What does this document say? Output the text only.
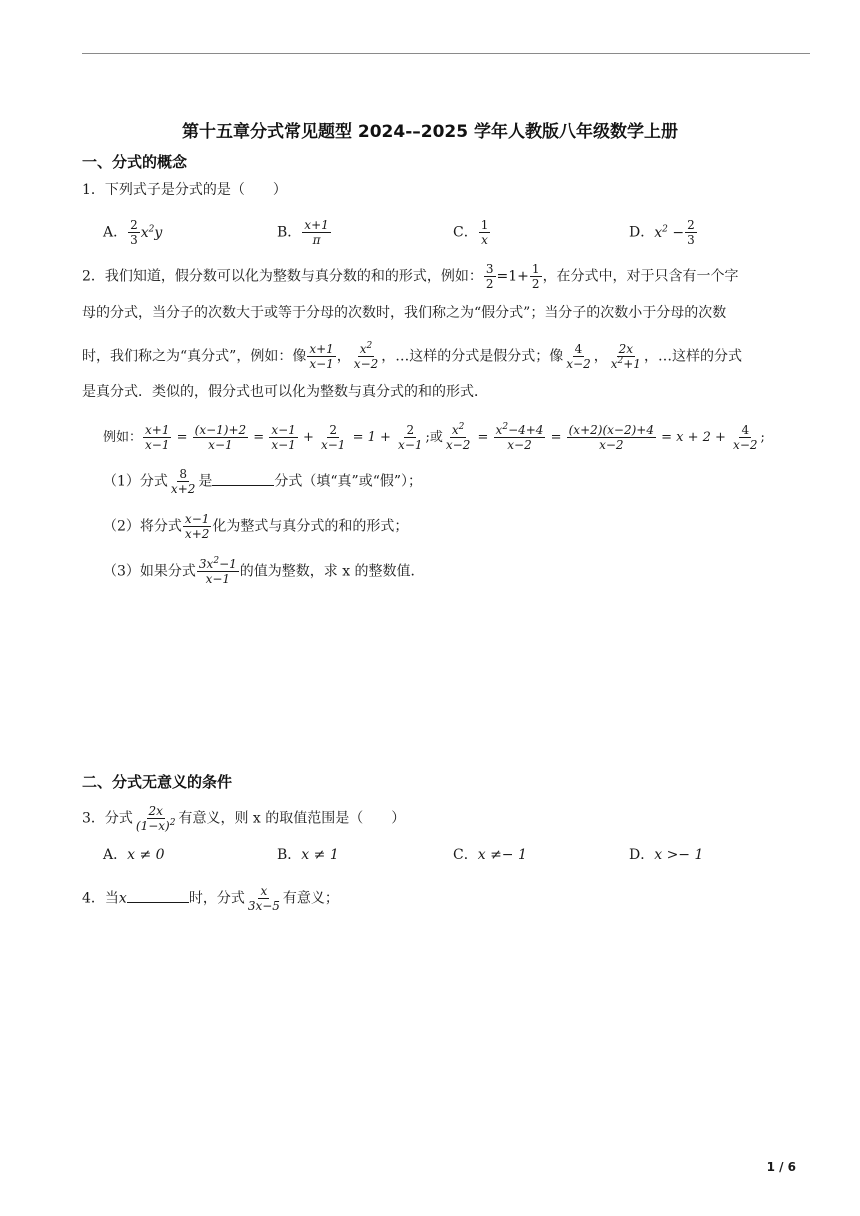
第十五章分式常见题型 2024-–2025 学年人教版八年级数学上册
一、分式的概念
1．下列式子是分式的是（　　）
A． $\frac{2}{3} x^2y$	B． $\frac{x+1}{\pi}$	C． $\frac{1}{x}$	D．$x^2 - \frac{2}{3}$
2．我们知道，假分数可以化为整数与真分数的和的形式，例如： $\frac{3}{2} =1+ \frac{1}{2}$ ，在分式中，对于只含有一个字
母的分式，当分子的次数大于或等于分母的次数时，我们称之为“假分式”；当分子的次数小于分母的次数
时，我们称之为“真分式”，例如：像 $\frac{x+1}{x-1}$ ， $\frac{x^2}{x-2}$ ，…这样的分式是假分式；像 $\frac{4}{x-2}$ ， $\frac{2x}{x^2+1}$ ，…这样的分式
是真分式．类似的，假分式也可以化为整数与真分式的和的形式．
例如： $\frac{x+1}{x-1} = \frac{(x-1)+2}{x-1} = \frac{x-1}{x-1} + \frac{2}{x-1} = 1 + \frac{2}{x-1}$ ;或 $\frac{x^2}{x-2} = \frac{x^2-4+4}{x-2} = \frac{(x+2)(x-2)+4}{x-2} = x + 2 + \frac{4}{x-2}$ ;
（1）分式 $\frac{8}{x+2}$ 是	分式（填“真”或“假”）；
（2）将分式 $\frac{x-1}{x+2}$ 化为整式与真分式的和的形式；
（3）如果分式 $\frac{3x^2-1}{x-1}$ 的值为整数，求 x 的整数值．
二、分式无意义的条件
3．分式 $\frac{2x}{(1-x)^2}$ 有意义，则 x 的取值范围是（　　）
A．x ≠ 0	B．x ≠ 1	C．x ≠− 1	D．x >− 1
4．当x	时，分式 $\frac{x}{3x-5}$ 有意义；
1 / 6
